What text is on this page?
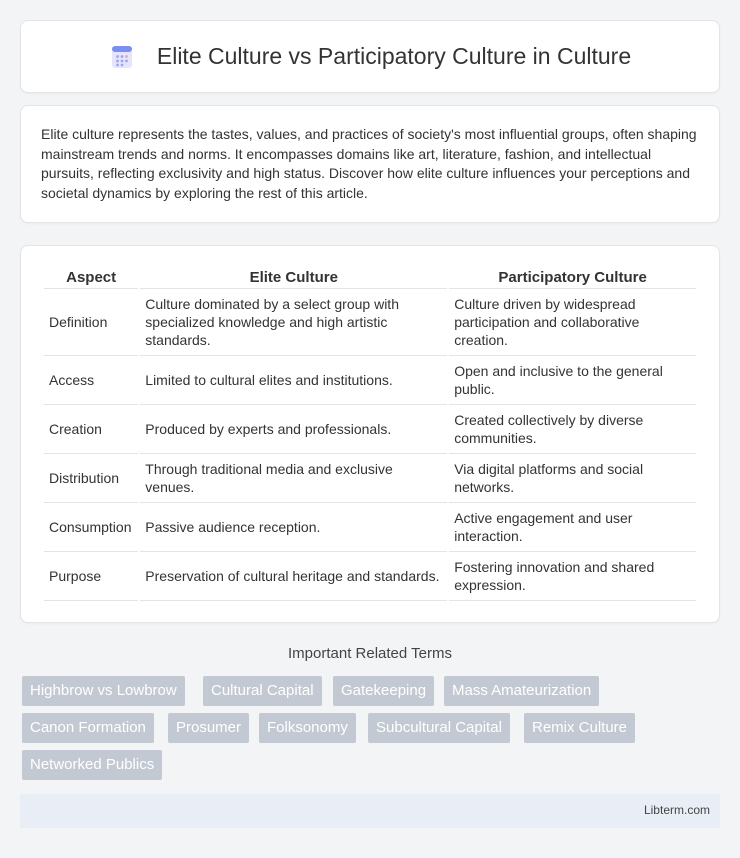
Elite Culture vs Participatory Culture in Culture

Elite culture represents the tastes, values, and practices of society's most influential groups, often shaping mainstream trends and norms. It encompasses domains like art, literature, fashion, and intellectual pursuits, reflecting exclusivity and high status. Discover how elite culture influences your perceptions and societal dynamics by exploring the rest of this article.

Aspect	Elite Culture	Participatory Culture
Definition	Culture dominated by a select group with specialized knowledge and high artistic standards.	Culture driven by widespread participation and collaborative creation.
Access	Limited to cultural elites and institutions.	Open and inclusive to the general public.
Creation	Produced by experts and professionals.	Created collectively by diverse communities.
Distribution	Through traditional media and exclusive venues.	Via digital platforms and social networks.
Consumption	Passive audience reception.	Active engagement and user interaction.
Purpose	Preservation of cultural heritage and standards.	Fostering innovation and shared expression.
Important Related Terms
Highbrow vs Lowbrow	Cultural Capital	Gatekeeping	Mass Amateurization
Canon Formation	Prosumer	Folksonomy	Subcultural Capital	Remix Culture
Networked Publics
Libterm.com
